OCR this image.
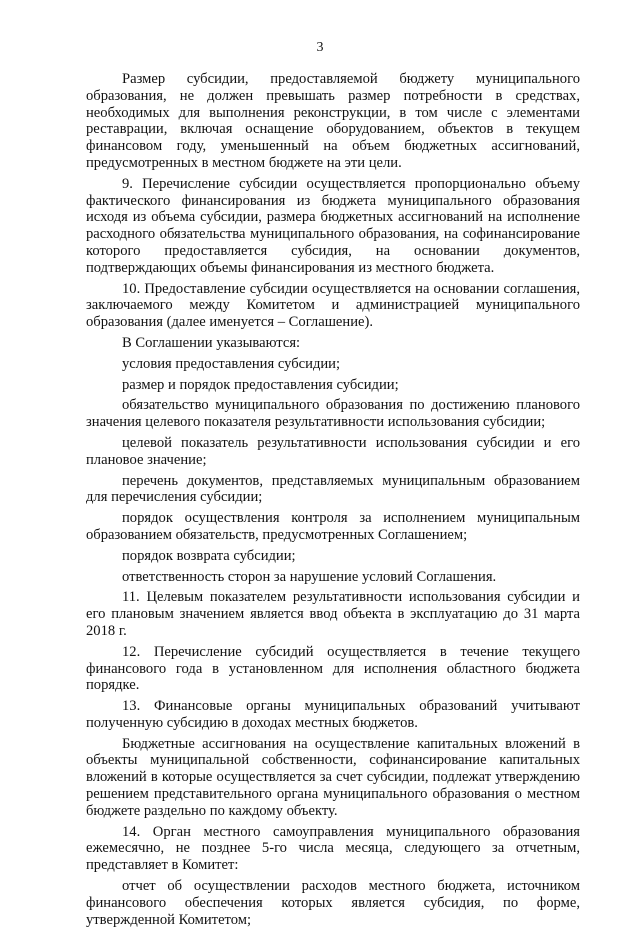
3

Размер субсидии, предоставляемой бюджету муниципального образования, не должен превышать размер потребности в средствах, необходимых для выполнения реконструкции, в том числе с элементами реставрации, включая оснащение оборудованием, объектов в текущем финансовом году, уменьшенный на объем бюджетных ассигнований, предусмотренных в местном бюджете на эти цели.

9. Перечисление субсидии осуществляется пропорционально объему фактического финансирования из бюджета муниципального образования исходя из объема субсидии, размера бюджетных ассигнований на исполнение расходного обязательства муниципального образования, на софинансирование которого предоставляется субсидия, на основании документов, подтверждающих объемы финансирования из местного бюджета.

10. Предоставление субсидии осуществляется на основании соглашения, заключаемого между Комитетом и администрацией муниципального образования (далее именуется – Соглашение).

В Соглашении указываются:

условия предоставления субсидии;

размер и порядок предоставления субсидии;

обязательство муниципального образования по достижению планового значения целевого показателя результативности использования субсидии;

целевой показатель результативности использования субсидии и его плановое значение;

перечень документов, представляемых муниципальным образованием для перечисления субсидии;

порядок осуществления контроля за исполнением муниципальным образованием обязательств, предусмотренных Соглашением;

порядок возврата субсидии;

ответственность сторон за нарушение условий Соглашения.

11. Целевым показателем результативности использования субсидии и его плановым значением является ввод объекта в эксплуатацию до 31 марта 2018 г.

12. Перечисление субсидий осуществляется в течение текущего финансового года в установленном для исполнения областного бюджета порядке.

13. Финансовые органы муниципальных образований учитывают полученную субсидию в доходах местных бюджетов.

Бюджетные ассигнования на осуществление капитальных вложений в объекты муниципальной собственности, софинансирование капитальных вложений в которые осуществляется за счет субсидии, подлежат утверждению решением представительного органа муниципального образования о местном бюджете раздельно по каждому объекту.

14. Орган местного самоуправления муниципального образования ежемесячно, не позднее 5-го числа месяца, следующего за отчетным, представляет в Комитет:

отчет об осуществлении расходов местного бюджета, источником финансового обеспечения которых является субсидия, по форме, утвержденной Комитетом;
